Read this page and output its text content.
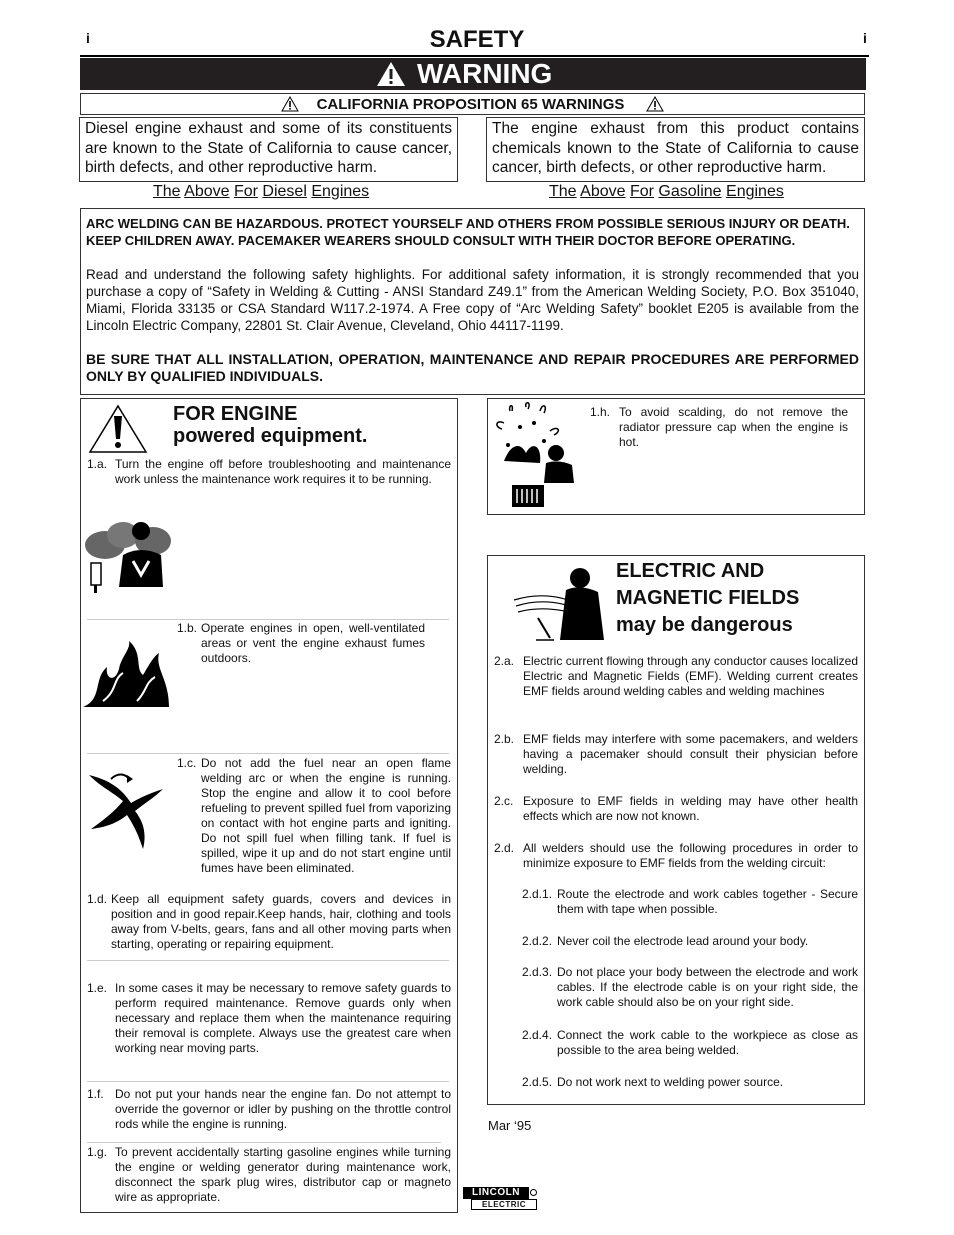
i	i
SAFETY
WARNING
CALIFORNIA PROPOSITION 65 WARNINGS
Diesel engine exhaust and some of its constituents are known to the State of California to cause cancer, birth defects, and other reproductive harm.
The Above For Diesel Engines
The engine exhaust from this product contains chemicals known to the State of California to cause cancer, birth defects, or other reproductive harm.
The Above For Gasoline Engines

ARC WELDING CAN BE HAZARDOUS. PROTECT YOURSELF AND OTHERS FROM POSSIBLE SERIOUS INJURY OR DEATH. KEEP CHILDREN AWAY. PACEMAKER WEARERS SHOULD CONSULT WITH THEIR DOCTOR BEFORE OPERATING.

Read and understand the following safety highlights. For additional safety information, it is strongly recommended that you purchase a copy of “Safety in Welding & Cutting - ANSI Standard Z49.1” from the American Welding Society, P.O. Box 351040, Miami, Florida 33135 or CSA Standard W117.2-1974. A Free copy of “Arc Welding Safety” booklet E205 is available from the Lincoln Electric Company, 22801 St. Clair Avenue, Cleveland, Ohio 44117-1199.

BE SURE THAT ALL INSTALLATION, OPERATION, MAINTENANCE AND REPAIR PROCEDURES ARE PERFORMED ONLY BY QUALIFIED INDIVIDUALS.

FOR ENGINE
powered equipment.
1.a. Turn the engine off before troubleshooting and maintenance work unless the maintenance work requires it to be running.
1.b. Operate engines in open, well-ventilated areas or vent the engine exhaust fumes outdoors.
1.c. Do not add the fuel near an open flame welding arc or when the engine is running. Stop the engine and allow it to cool before refueling to prevent spilled fuel from vaporizing on contact with hot engine parts and igniting. Do not spill fuel when filling tank. If fuel is spilled, wipe it up and do not start engine until fumes have been eliminated.
1.d. Keep all equipment safety guards, covers and devices in position and in good repair.Keep hands, hair, clothing and tools away from V-belts, gears, fans and all other moving parts when starting, operating or repairing equipment.
1.e. In some cases it may be necessary to remove safety guards to perform required maintenance. Remove guards only when necessary and replace them when the maintenance requiring their removal is complete. Always use the greatest care when working near moving parts.
1.f. Do not put your hands near the engine fan. Do not attempt to override the governor or idler by pushing on the throttle control rods while the engine is running.
1.g. To prevent accidentally starting gasoline engines while turning the engine or welding generator during maintenance work, disconnect the spark plug wires, distributor cap or magneto wire as appropriate.
1.h. To avoid scalding, do not remove the radiator pressure cap when the engine is hot.
ELECTRIC AND
MAGNETIC FIELDS
may be dangerous
2.a. Electric current flowing through any conductor causes localized Electric and Magnetic Fields (EMF). Welding current creates EMF fields around welding cables and welding machines
2.b. EMF fields may interfere with some pacemakers, and welders having a pacemaker should consult their physician before welding.
2.c. Exposure to EMF fields in welding may have other health effects which are now not known.
2.d. All welders should use the following procedures in order to minimize exposure to EMF fields from the welding circuit:
2.d.1. Route the electrode and work cables together - Secure them with tape when possible.
2.d.2. Never coil the electrode lead around your body.
2.d.3. Do not place your body between the electrode and work cables. If the electrode cable is on your right side, the work cable should also be on your right side.
2.d.4. Connect the work cable to the workpiece as close as possible to the area being welded.
2.d.5. Do not work next to welding power source.
Mar ‘95
LINCOLN
ELECTRIC
